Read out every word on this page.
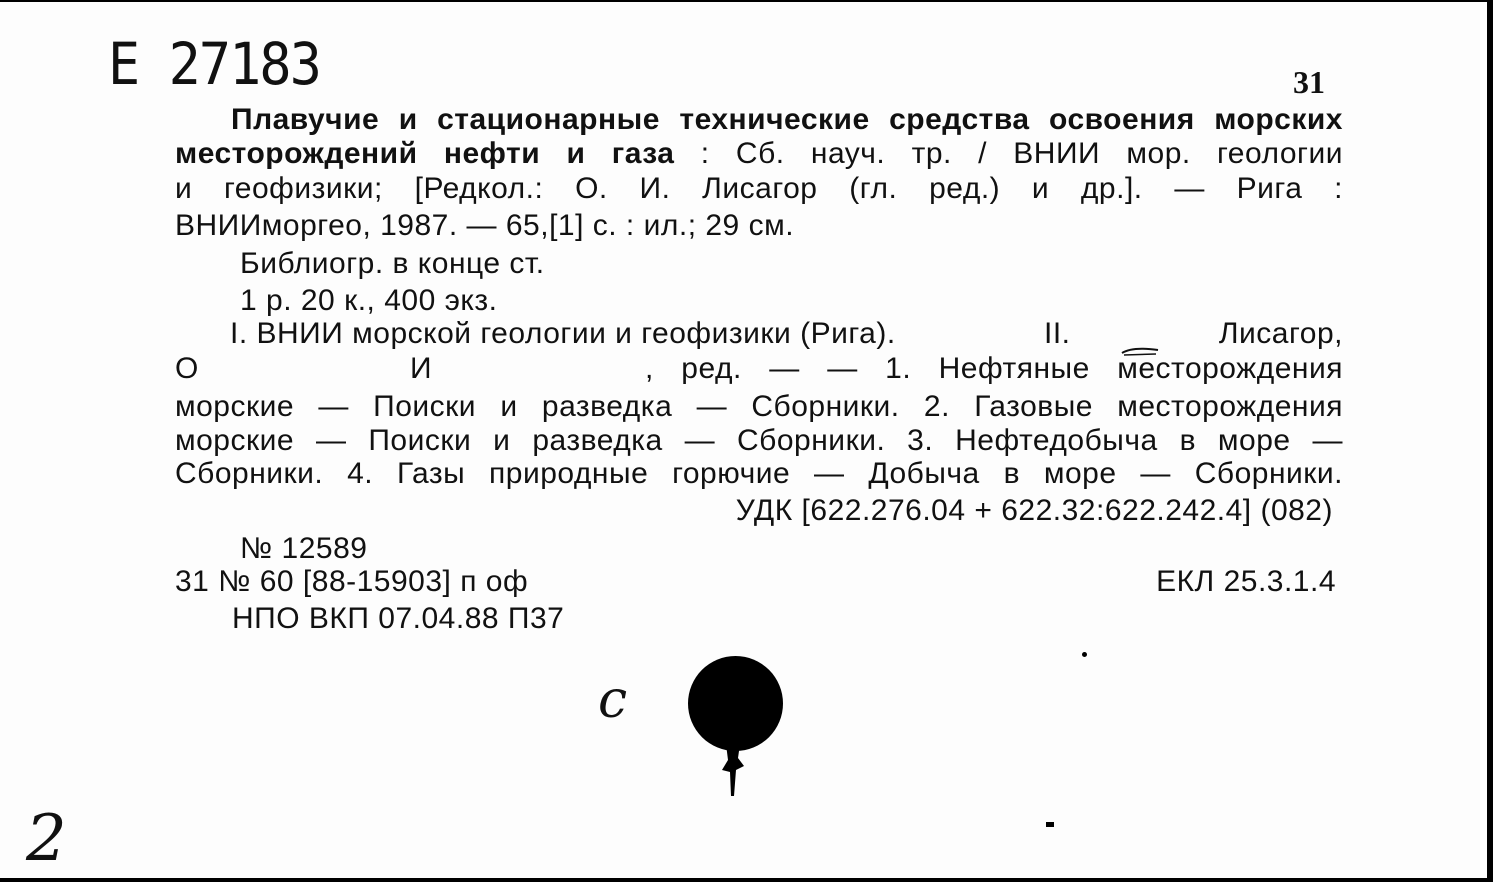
Е 27183	31
Плавучие и стационарные технические средства освоения морских
месторождений нефти и газа : Сб. науч. тр. / ВНИИ мор. геологии
и геофизики; [Редкол.: О. И. Лисагор (гл. ред.) и др.]. — Рига :
ВНИИморгео, 1987. — 65,[1] с. : ил.; 29 см.
Библиогр. в конце ст.
1 р. 20 к., 400 экз.
I. ВНИИ морской геологии и геофизики (Рига).	II.	Лисагор,
О	И	, ред. — — 1. Нефтяные месторождения
морские — Поиски и разведка — Сборники. 2. Газовые месторождения
морские — Поиски и разведка — Сборники. 3. Нефтедобыча в море —
Сборники. 4. Газы природные горючие — Добыча в море — Сборники.
УДК [622.276.04 + 622.32:622.242.4] (082)
№ 12589
31 № 60 [88-15903] п оф	ЕКЛ 25.3.1.4
НПО ВКП 07.04.88 П37
c
2
